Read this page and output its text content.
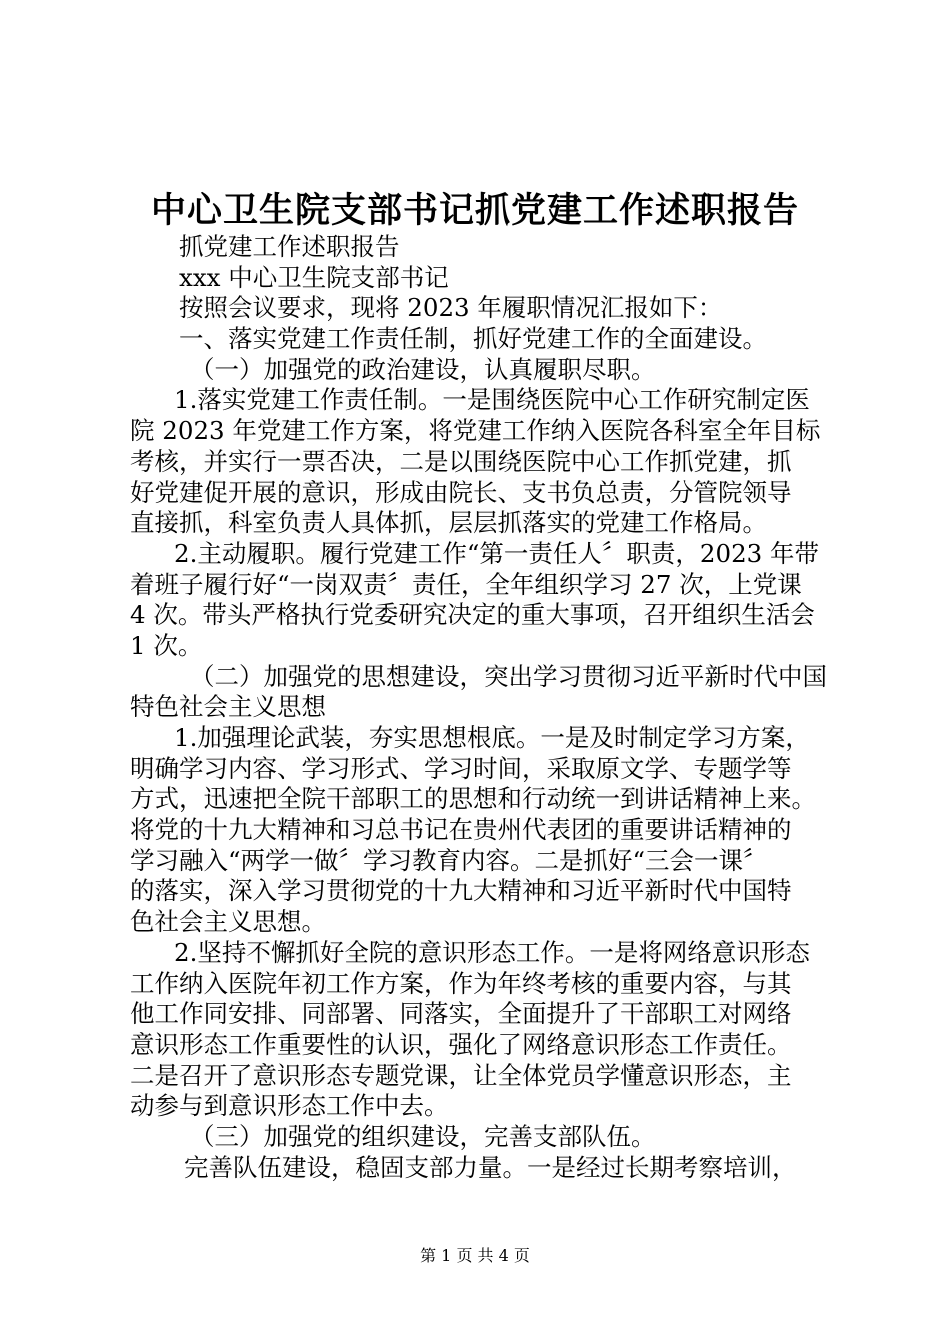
中心卫生院支部书记抓党建工作述职报告
抓党建工作述职报告
xxx 中心卫生院支部书记
按照会议要求，现将 2023 年履职情况汇报如下：
一、落实党建工作责任制，抓好党建工作的全面建设。
（一）加强党的政治建设，认真履职尽职。
1.落实党建工作责任制。一是围绕医院中心工作研究制定医
院 2023 年党建工作方案，将党建工作纳入医院各科室全年目标
考核，并实行一票否决，二是以围绕医院中心工作抓党建，抓
好党建促开展的意识，形成由院长、支书负总责，分管院领导
直接抓，科室负责人具体抓，层层抓落实的党建工作格局。
2.主动履职。履行党建工作“第一责任人〞职责，2023 年带
着班子履行好“一岗双责〞责任，全年组织学习 27 次，上党课
4 次。带头严格执行党委研究决定的重大事项，召开组织生活会
1 次。
（二）加强党的思想建设，突出学习贯彻习近平新时代中国
特色社会主义思想
1.加强理论武装，夯实思想根底。一是及时制定学习方案，
明确学习内容、学习形式、学习时间，采取原文学、专题学等
方式，迅速把全院干部职工的思想和行动统一到讲话精神上来。
将党的十九大精神和习总书记在贵州代表团的重要讲话精神的
学习融入“两学一做〞学习教育内容。二是抓好“三会一课〞
的落实，深入学习贯彻党的十九大精神和习近平新时代中国特
色社会主义思想。
2.坚持不懈抓好全院的意识形态工作。一是将网络意识形态
工作纳入医院年初工作方案，作为年终考核的重要内容，与其
他工作同安排、同部署、同落实，全面提升了干部职工对网络
意识形态工作重要性的认识，强化了网络意识形态工作责任。
二是召开了意识形态专题党课，让全体党员学懂意识形态，主
动参与到意识形态工作中去。
（三）加强党的组织建设，完善支部队伍。
完善队伍建设，稳固支部力量。一是经过长期考察培训，
第 1 页 共 4 页
